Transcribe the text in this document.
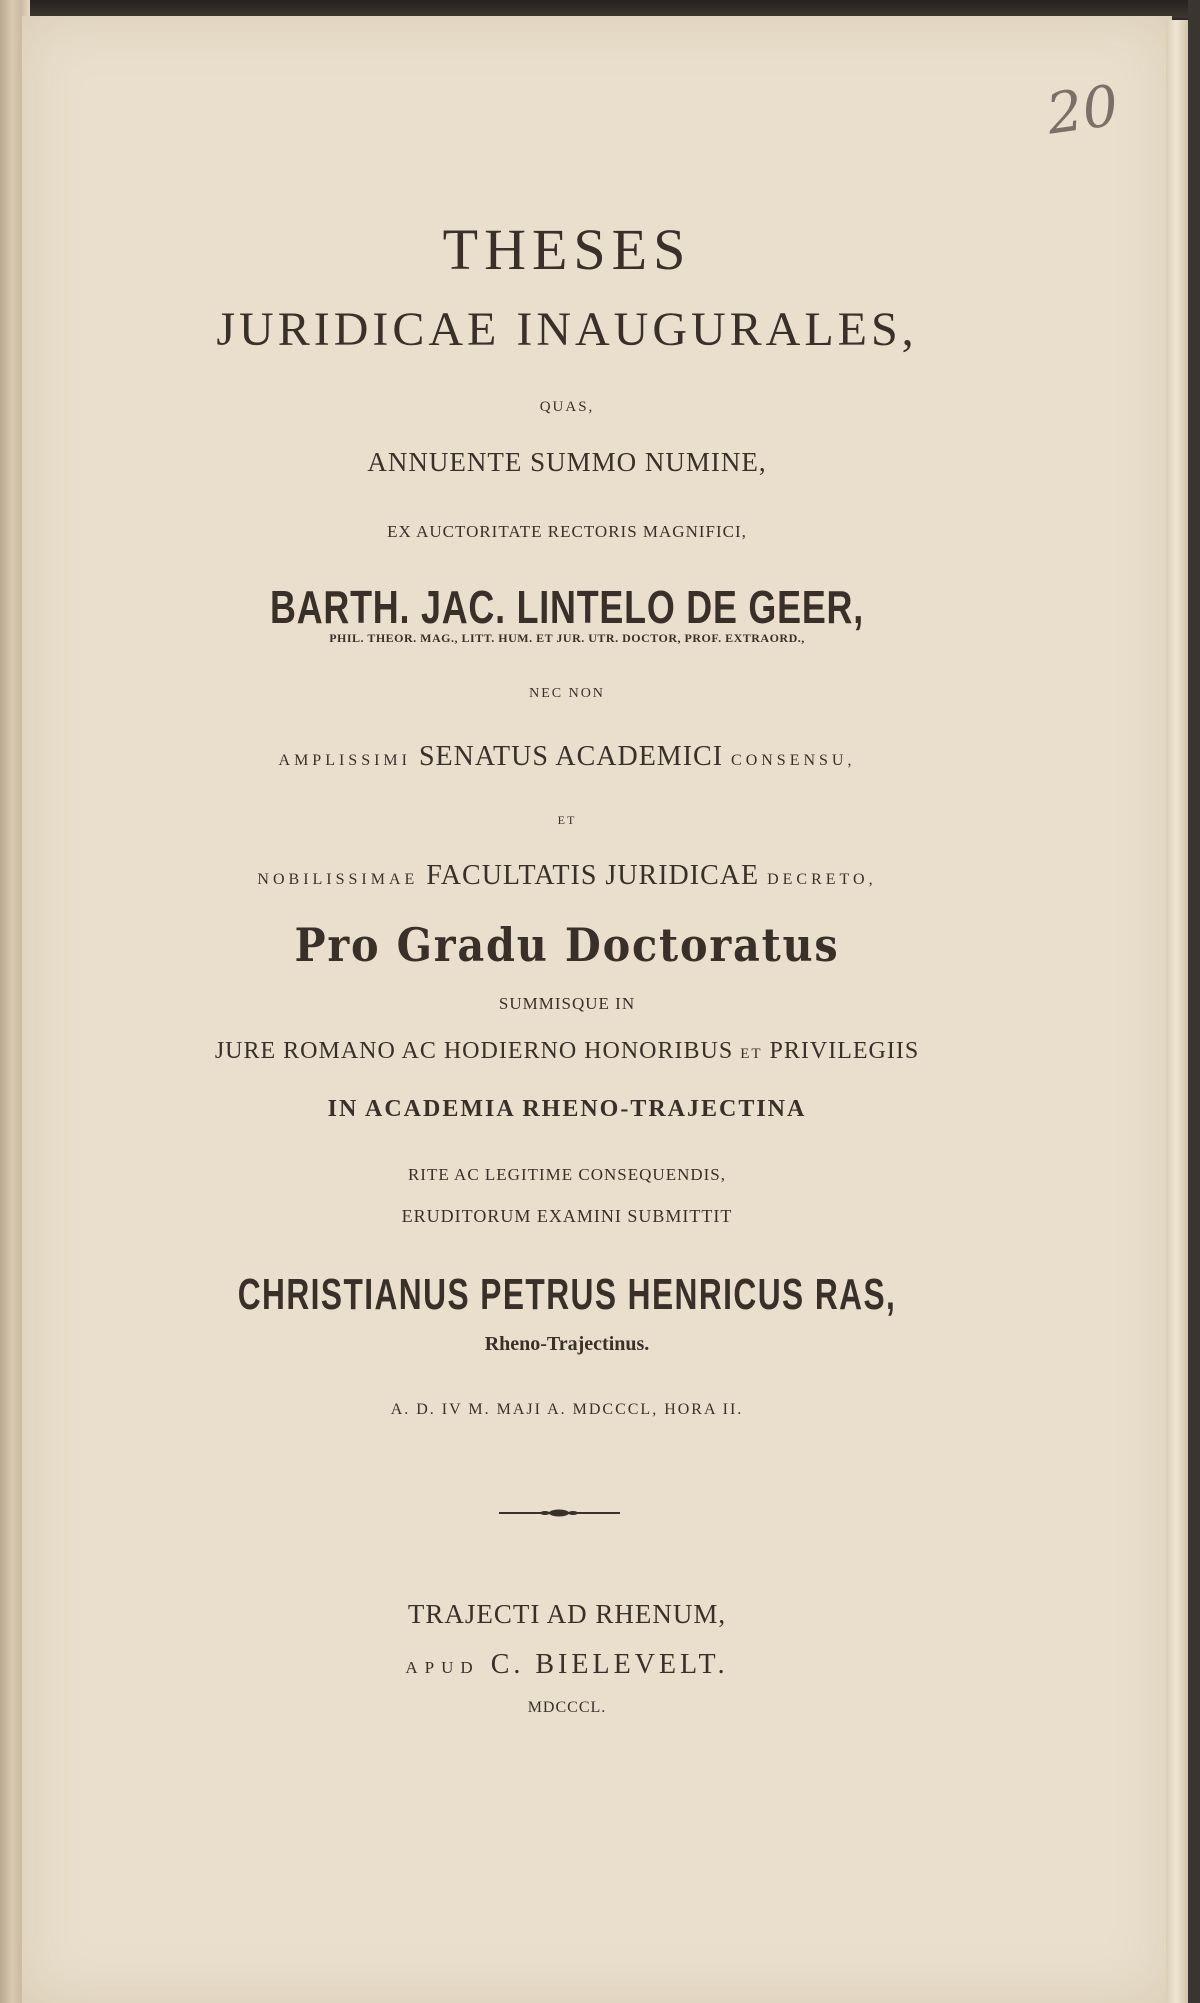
20
THESES
JURIDICAE INAUGURALES,
QUAS,
ANNUENTE SUMMO NUMINE,
EX AUCTORITATE RECTORIS MAGNIFICI,
BARTH. JAC. LINTELO DE GEER,
PHIL. THEOR. MAG., LITT. HUM. ET JUR. UTR. DOCTOR, PROF. EXTRAORD.,
NEC NON
AMPLISSIMI SENATUS ACADEMICI CONSENSU,
ET
NOBILISSIMAE FACULTATIS JURIDICAE DECRETO,
Pro Gradu Doctoratus
SUMMISQUE IN
JURE ROMANO AC HODIERNO HONORIBUS ET PRIVILEGIIS
IN ACADEMIA RHENO-TRAJECTINA
RITE AC LEGITIME CONSEQUENDIS,
ERUDITORUM EXAMINI SUBMITTIT
CHRISTIANUS PETRUS HENRICUS RAS,
Rheno-Trajectinus.
A. D. IV M. MAJI A. MDCCCL, HORA II.
TRAJECTI AD RHENUM,
APUD C. BIELEVELT.
MDCCCL.
